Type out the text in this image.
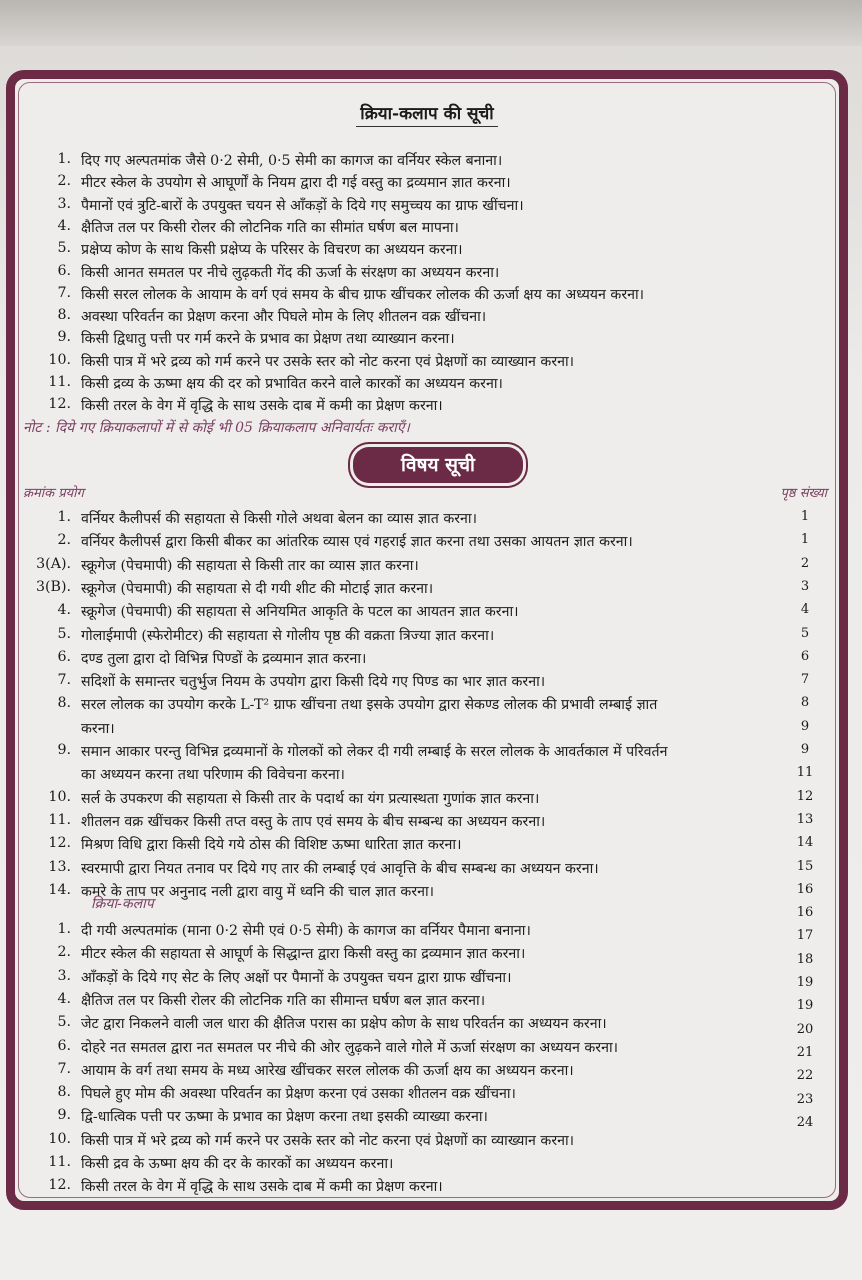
क्रिया-कलाप की सूची
1. दिए गए अल्पतमांक जैसे 0·2 सेमी, 0·5 सेमी का कागज का वर्नियर स्केल बनाना।
2. मीटर स्केल के उपयोग से आघूर्णों के नियम द्वारा दी गई वस्तु का द्रव्यमान ज्ञात करना।
3. पैमानों एवं त्रुटि-बारों के उपयुक्त चयन से आँकड़ों के दिये गए समुच्चय का ग्राफ खींचना।
4. क्षैतिज तल पर किसी रोलर की लोटनिक गति का सीमांत घर्षण बल मापना।
5. प्रक्षेप्य कोण के साथ किसी प्रक्षेप्य के परिसर के विचरण का अध्ययन करना।
6. किसी आनत समतल पर नीचे लुढ़कती गेंद की ऊर्जा के संरक्षण का अध्ययन करना।
7. किसी सरल लोलक के आयाम के वर्ग एवं समय के बीच ग्राफ खींचकर लोलक की ऊर्जा क्षय का अध्ययन करना।
8. अवस्था परिवर्तन का प्रेक्षण करना और पिघले मोम के लिए शीतलन वक्र खींचना।
9. किसी द्विधातु पत्ती पर गर्म करने के प्रभाव का प्रेक्षण तथा व्याख्यान करना।
10. किसी पात्र में भरे द्रव्य को गर्म करने पर उसके स्तर को नोट करना एवं प्रेक्षणों का व्याख्यान करना।
11. किसी द्रव्य के ऊष्मा क्षय की दर को प्रभावित करने वाले कारकों का अध्ययन करना।
12. किसी तरल के वेग में वृद्धि के साथ उसके दाब में कमी का प्रेक्षण करना।
नोट : दिये गए क्रियाकलापों में से कोई भी 05 क्रियाकलाप अनिवार्यतः कराएँ।
विषय सूची
क्रमांक प्रयोग	पृष्ठ संख्या
1. वर्नियर कैलीपर्स की सहायता से किसी गोले अथवा बेलन का व्यास ज्ञात करना।
2. वर्नियर कैलीपर्स द्वारा किसी बीकर का आंतरिक व्यास एवं गहराई ज्ञात करना तथा उसका आयतन ज्ञात करना।
3(A). स्क्रूगेज (पेचमापी) की सहायता से किसी तार का व्यास ज्ञात करना।
3(B). स्क्रूगेज (पेचमापी) की सहायता से दी गयी शीट की मोटाई ज्ञात करना।
4. स्क्रूगेज (पेचमापी) की सहायता से अनियमित आकृति के पटल का आयतन ज्ञात करना।
5. गोलाईमापी (स्फेरोमीटर) की सहायता से गोलीय पृष्ठ की वक्रता त्रिज्या ज्ञात करना।
6. दण्ड तुला द्वारा दो विभिन्न पिण्डों के द्रव्यमान ज्ञात करना।
7. सदिशों के समान्तर चतुर्भुज नियम के उपयोग द्वारा किसी दिये गए पिण्ड का भार ज्ञात करना।
8. सरल लोलक का उपयोग करके L-T² ग्राफ खींचना तथा इसके उपयोग द्वारा सेकण्ड लोलक की प्रभावी लम्बाई ज्ञात
करना।
9. समान आकार परन्तु विभिन्न द्रव्यमानों के गोलकों को लेकर दी गयी लम्बाई के सरल लोलक के आवर्तकाल में परिवर्तन
का अध्ययन करना तथा परिणाम की विवेचना करना।
10. सर्ल के उपकरण की सहायता से किसी तार के पदार्थ का यंग प्रत्यास्थता गुणांक ज्ञात करना।
11. शीतलन वक्र खींचकर किसी तप्त वस्तु के ताप एवं समय के बीच सम्बन्ध का अध्ययन करना।
12. मिश्रण विधि द्वारा किसी दिये गये ठोस की विशिष्ट ऊष्मा धारिता ज्ञात करना।
13. स्वरमापी द्वारा नियत तनाव पर दिये गए तार की लम्बाई एवं आवृत्ति के बीच सम्बन्ध का अध्ययन करना।
14. कमरे के ताप पर अनुनाद नली द्वारा वायु में ध्वनि की चाल ज्ञात करना।
क्रिया-कलाप
1. दी गयी अल्पतमांक (माना 0·2 सेमी एवं 0·5 सेमी) के कागज का वर्नियर पैमाना बनाना।
2. मीटर स्केल की सहायता से आघूर्ण के सिद्धान्त द्वारा किसी वस्तु का द्रव्यमान ज्ञात करना।
3. आँकड़ों के दिये गए सेट के लिए अक्षों पर पैमानों के उपयुक्त चयन द्वारा ग्राफ खींचना।
4. क्षैतिज तल पर किसी रोलर की लोटनिक गति का सीमान्त घर्षण बल ज्ञात करना।
5. जेट द्वारा निकलने वाली जल धारा की क्षैतिज परास का प्रक्षेप कोण के साथ परिवर्तन का अध्ययन करना।
6. दोहरे नत समतल द्वारा नत समतल पर नीचे की ओर लुढ़कने वाले गोले में ऊर्जा संरक्षण का अध्ययन करना।
7. आयाम के वर्ग तथा समय के मध्य आरेख खींचकर सरल लोलक की ऊर्जा क्षय का अध्ययन करना।
8. पिघले हुए मोम की अवस्था परिवर्तन का प्रेक्षण करना एवं उसका शीतलन वक्र खींचना।
9. द्वि-धात्विक पत्ती पर ऊष्मा के प्रभाव का प्रेक्षण करना तथा इसकी व्याख्या करना।
10. किसी पात्र में भरे द्रव्य को गर्म करने पर उसके स्तर को नोट करना एवं प्रेक्षणों का व्याख्यान करना।
11. किसी द्रव के ऊष्मा क्षय की दर के कारकों का अध्ययन करना।
12. किसी तरल के वेग में वृद्धि के साथ उसके दाब में कमी का प्रेक्षण करना।
1
1
2
3
4
5
6
7
8
9
9
11
12
13
14
15
16
16
17
18
19
19
20
21
22
23
24
